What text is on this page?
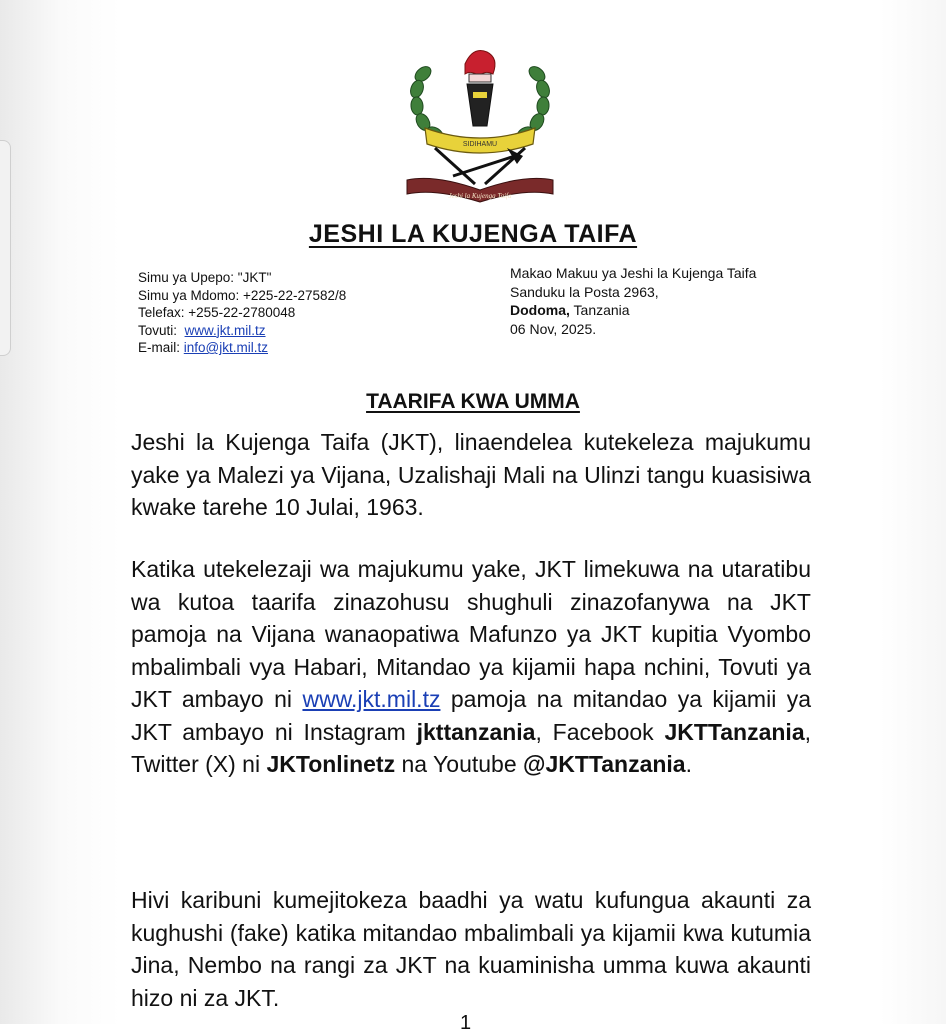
SIDIHAMU
Jeshi la Kujenga Taifa
JESHI LA KUJENGA TAIFA
Simu ya Upepo: "JKT"
Simu ya Mdomo: +225-22-27582/8
Telefax: +255-22-2780048
Tovuti: www.jkt.mil.tz
E-mail: info@jkt.mil.tz
Makao Makuu ya Jeshi la Kujenga Taifa
Sanduku la Posta 2963,
Dodoma, Tanzania
06 Nov, 2025.
TAARIFA KWA UMMA
Jeshi la Kujenga Taifa (JKT), linaendelea kutekeleza majukumu yake ya Malezi ya Vijana, Uzalishaji Mali na Ulinzi tangu kuasisiwa kwake tarehe 10 Julai, 1963.
Katika utekelezaji wa majukumu yake, JKT limekuwa na utaratibu wa kutoa taarifa zinazohusu shughuli zinazofanywa na JKT pamoja na Vijana wanaopatiwa Mafunzo ya JKT kupitia Vyombo mbalimbali vya Habari, Mitandao ya kijamii hapa nchini, Tovuti ya JKT ambayo ni www.jkt.mil.tz pamoja na mitandao ya kijamii ya JKT ambayo ni Instagram jkttanzania, Facebook JKTTanzania, Twitter (X) ni JKTonlinetz na Youtube @JKTTanzania.
Hivi karibuni kumejitokeza baadhi ya watu kufungua akaunti za kughushi (fake) katika mitandao mbalimbali ya kijamii kwa kutumia Jina, Nembo na rangi za JKT na kuaminisha umma kuwa akaunti hizo ni za JKT.
1
